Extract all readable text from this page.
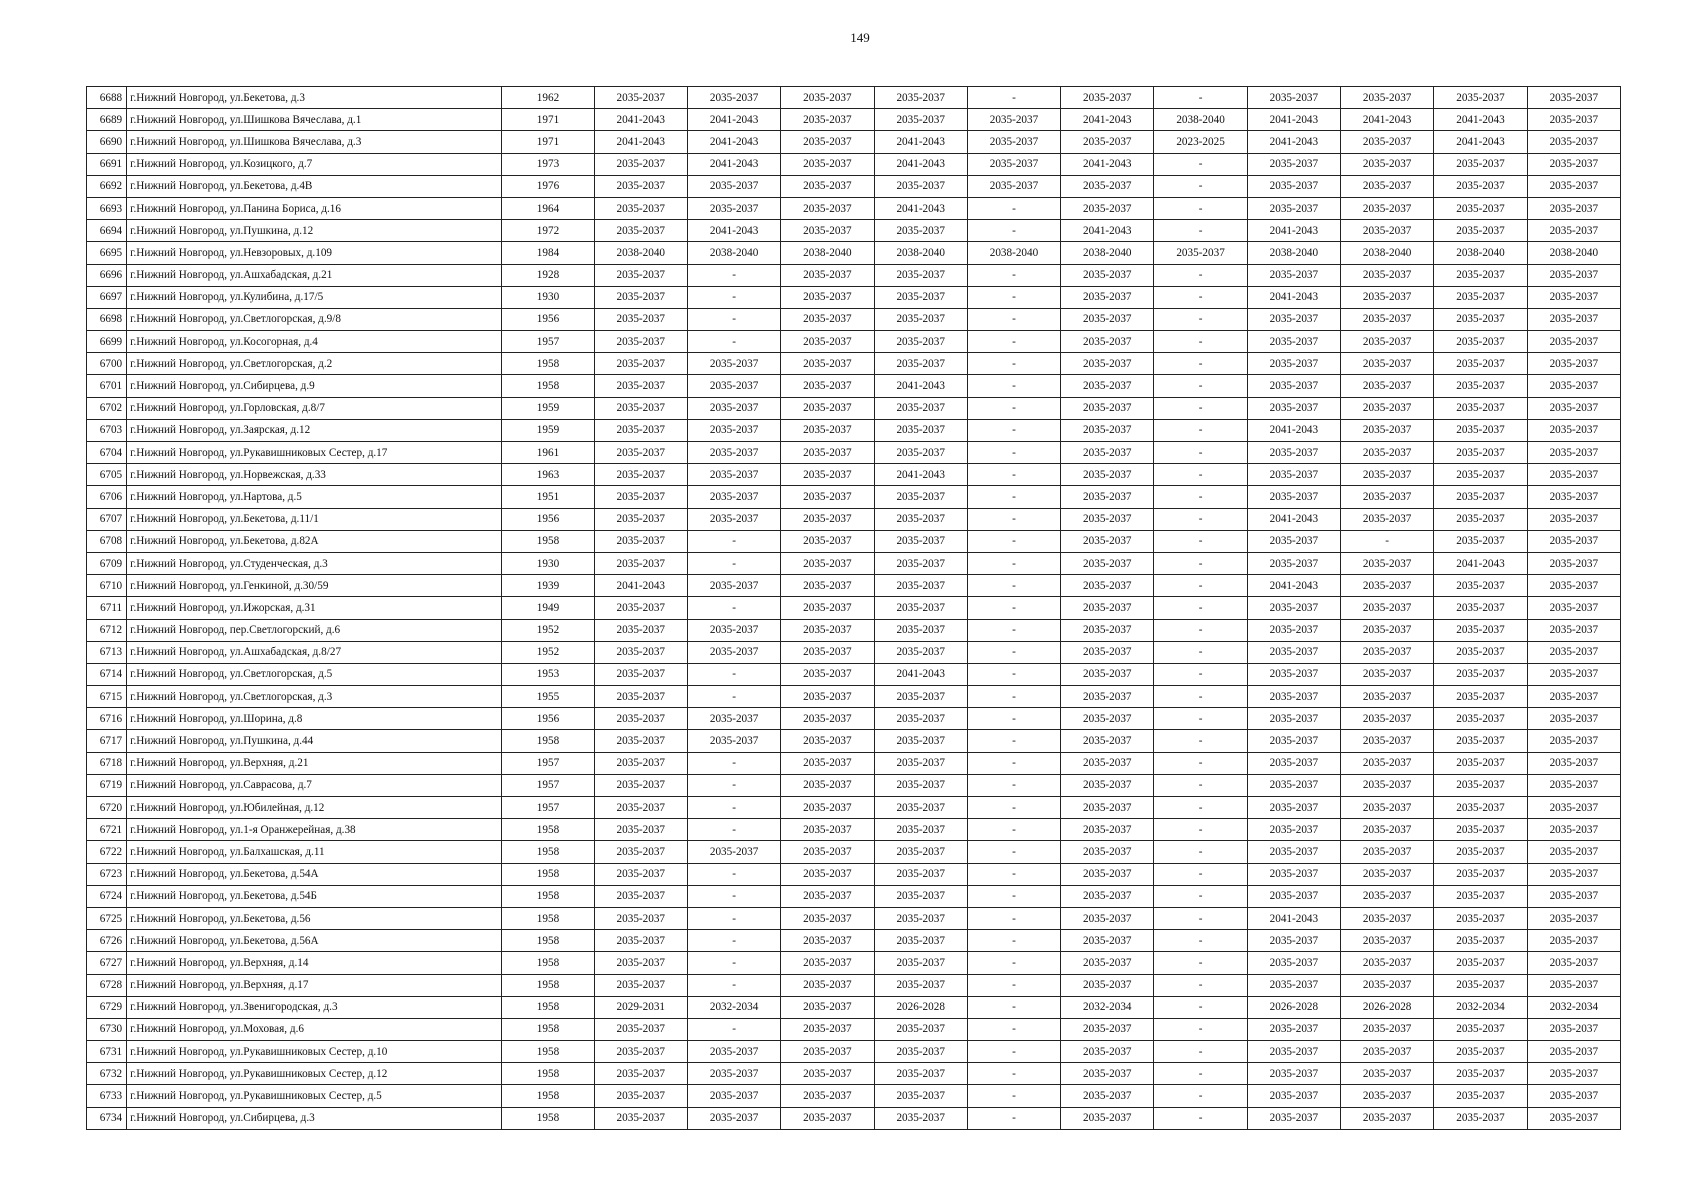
149
6688	г.Нижний Новгород, ул.Бекетова, д.3	1962	2035-2037	2035-2037	2035-2037	2035-2037	-	2035-2037	-	2035-2037	2035-2037	2035-2037	2035-2037
6689	г.Нижний Новгород, ул.Шишкова Вячеслава, д.1	1971	2041-2043	2041-2043	2035-2037	2035-2037	2035-2037	2041-2043	2038-2040	2041-2043	2041-2043	2041-2043	2035-2037
6690	г.Нижний Новгород, ул.Шишкова Вячеслава, д.3	1971	2041-2043	2041-2043	2035-2037	2041-2043	2035-2037	2035-2037	2023-2025	2041-2043	2035-2037	2041-2043	2035-2037
6691	г.Нижний Новгород, ул.Козицкого, д.7	1973	2035-2037	2041-2043	2035-2037	2041-2043	2035-2037	2041-2043	-	2035-2037	2035-2037	2035-2037	2035-2037
6692	г.Нижний Новгород, ул.Бекетова, д.4В	1976	2035-2037	2035-2037	2035-2037	2035-2037	2035-2037	2035-2037	-	2035-2037	2035-2037	2035-2037	2035-2037
6693	г.Нижний Новгород, ул.Панина Бориса, д.16	1964	2035-2037	2035-2037	2035-2037	2041-2043	-	2035-2037	-	2035-2037	2035-2037	2035-2037	2035-2037
6694	г.Нижний Новгород, ул.Пушкина, д.12	1972	2035-2037	2041-2043	2035-2037	2035-2037	-	2041-2043	-	2041-2043	2035-2037	2035-2037	2035-2037
6695	г.Нижний Новгород, ул.Невзоровых, д.109	1984	2038-2040	2038-2040	2038-2040	2038-2040	2038-2040	2038-2040	2035-2037	2038-2040	2038-2040	2038-2040	2038-2040
6696	г.Нижний Новгород, ул.Ашхабадская, д.21	1928	2035-2037	-	2035-2037	2035-2037	-	2035-2037	-	2035-2037	2035-2037	2035-2037	2035-2037
6697	г.Нижний Новгород, ул.Кулибина, д.17/5	1930	2035-2037	-	2035-2037	2035-2037	-	2035-2037	-	2041-2043	2035-2037	2035-2037	2035-2037
6698	г.Нижний Новгород, ул.Светлогорская, д.9/8	1956	2035-2037	-	2035-2037	2035-2037	-	2035-2037	-	2035-2037	2035-2037	2035-2037	2035-2037
6699	г.Нижний Новгород, ул.Косогорная, д.4	1957	2035-2037	-	2035-2037	2035-2037	-	2035-2037	-	2035-2037	2035-2037	2035-2037	2035-2037
6700	г.Нижний Новгород, ул.Светлогорская, д.2	1958	2035-2037	2035-2037	2035-2037	2035-2037	-	2035-2037	-	2035-2037	2035-2037	2035-2037	2035-2037
6701	г.Нижний Новгород, ул.Сибирцева, д.9	1958	2035-2037	2035-2037	2035-2037	2041-2043	-	2035-2037	-	2035-2037	2035-2037	2035-2037	2035-2037
6702	г.Нижний Новгород, ул.Горловская, д.8/7	1959	2035-2037	2035-2037	2035-2037	2035-2037	-	2035-2037	-	2035-2037	2035-2037	2035-2037	2035-2037
6703	г.Нижний Новгород, ул.Заярская, д.12	1959	2035-2037	2035-2037	2035-2037	2035-2037	-	2035-2037	-	2041-2043	2035-2037	2035-2037	2035-2037
6704	г.Нижний Новгород, ул.Рукавишниковых Сестер, д.17	1961	2035-2037	2035-2037	2035-2037	2035-2037	-	2035-2037	-	2035-2037	2035-2037	2035-2037	2035-2037
6705	г.Нижний Новгород, ул.Норвежская, д.33	1963	2035-2037	2035-2037	2035-2037	2041-2043	-	2035-2037	-	2035-2037	2035-2037	2035-2037	2035-2037
6706	г.Нижний Новгород, ул.Нартова, д.5	1951	2035-2037	2035-2037	2035-2037	2035-2037	-	2035-2037	-	2035-2037	2035-2037	2035-2037	2035-2037
6707	г.Нижний Новгород, ул.Бекетова, д.11/1	1956	2035-2037	2035-2037	2035-2037	2035-2037	-	2035-2037	-	2041-2043	2035-2037	2035-2037	2035-2037
6708	г.Нижний Новгород, ул.Бекетова, д.82А	1958	2035-2037	-	2035-2037	2035-2037	-	2035-2037	-	2035-2037	-	2035-2037	2035-2037
6709	г.Нижний Новгород, ул.Студенческая, д.3	1930	2035-2037	-	2035-2037	2035-2037	-	2035-2037	-	2035-2037	2035-2037	2041-2043	2035-2037
6710	г.Нижний Новгород, ул.Генкиной, д.30/59	1939	2041-2043	2035-2037	2035-2037	2035-2037	-	2035-2037	-	2041-2043	2035-2037	2035-2037	2035-2037
6711	г.Нижний Новгород, ул.Ижорская, д.31	1949	2035-2037	-	2035-2037	2035-2037	-	2035-2037	-	2035-2037	2035-2037	2035-2037	2035-2037
6712	г.Нижний Новгород, пер.Светлогорский, д.6	1952	2035-2037	2035-2037	2035-2037	2035-2037	-	2035-2037	-	2035-2037	2035-2037	2035-2037	2035-2037
6713	г.Нижний Новгород, ул.Ашхабадская, д.8/27	1952	2035-2037	2035-2037	2035-2037	2035-2037	-	2035-2037	-	2035-2037	2035-2037	2035-2037	2035-2037
6714	г.Нижний Новгород, ул.Светлогорская, д.5	1953	2035-2037	-	2035-2037	2041-2043	-	2035-2037	-	2035-2037	2035-2037	2035-2037	2035-2037
6715	г.Нижний Новгород, ул.Светлогорская, д.3	1955	2035-2037	-	2035-2037	2035-2037	-	2035-2037	-	2035-2037	2035-2037	2035-2037	2035-2037
6716	г.Нижний Новгород, ул.Шорина, д.8	1956	2035-2037	2035-2037	2035-2037	2035-2037	-	2035-2037	-	2035-2037	2035-2037	2035-2037	2035-2037
6717	г.Нижний Новгород, ул.Пушкина, д.44	1958	2035-2037	2035-2037	2035-2037	2035-2037	-	2035-2037	-	2035-2037	2035-2037	2035-2037	2035-2037
6718	г.Нижний Новгород, ул.Верхняя, д.21	1957	2035-2037	-	2035-2037	2035-2037	-	2035-2037	-	2035-2037	2035-2037	2035-2037	2035-2037
6719	г.Нижний Новгород, ул.Саврасова, д.7	1957	2035-2037	-	2035-2037	2035-2037	-	2035-2037	-	2035-2037	2035-2037	2035-2037	2035-2037
6720	г.Нижний Новгород, ул.Юбилейная, д.12	1957	2035-2037	-	2035-2037	2035-2037	-	2035-2037	-	2035-2037	2035-2037	2035-2037	2035-2037
6721	г.Нижний Новгород, ул.1-я Оранжерейная, д.38	1958	2035-2037	-	2035-2037	2035-2037	-	2035-2037	-	2035-2037	2035-2037	2035-2037	2035-2037
6722	г.Нижний Новгород, ул.Балхашская, д.11	1958	2035-2037	2035-2037	2035-2037	2035-2037	-	2035-2037	-	2035-2037	2035-2037	2035-2037	2035-2037
6723	г.Нижний Новгород, ул.Бекетова, д.54А	1958	2035-2037	-	2035-2037	2035-2037	-	2035-2037	-	2035-2037	2035-2037	2035-2037	2035-2037
6724	г.Нижний Новгород, ул.Бекетова, д.54Б	1958	2035-2037	-	2035-2037	2035-2037	-	2035-2037	-	2035-2037	2035-2037	2035-2037	2035-2037
6725	г.Нижний Новгород, ул.Бекетова, д.56	1958	2035-2037	-	2035-2037	2035-2037	-	2035-2037	-	2041-2043	2035-2037	2035-2037	2035-2037
6726	г.Нижний Новгород, ул.Бекетова, д.56А	1958	2035-2037	-	2035-2037	2035-2037	-	2035-2037	-	2035-2037	2035-2037	2035-2037	2035-2037
6727	г.Нижний Новгород, ул.Верхняя, д.14	1958	2035-2037	-	2035-2037	2035-2037	-	2035-2037	-	2035-2037	2035-2037	2035-2037	2035-2037
6728	г.Нижний Новгород, ул.Верхняя, д.17	1958	2035-2037	-	2035-2037	2035-2037	-	2035-2037	-	2035-2037	2035-2037	2035-2037	2035-2037
6729	г.Нижний Новгород, ул.Звенигородская, д.3	1958	2029-2031	2032-2034	2035-2037	2026-2028	-	2032-2034	-	2026-2028	2026-2028	2032-2034	2032-2034
6730	г.Нижний Новгород, ул.Моховая, д.6	1958	2035-2037	-	2035-2037	2035-2037	-	2035-2037	-	2035-2037	2035-2037	2035-2037	2035-2037
6731	г.Нижний Новгород, ул.Рукавишниковых Сестер, д.10	1958	2035-2037	2035-2037	2035-2037	2035-2037	-	2035-2037	-	2035-2037	2035-2037	2035-2037	2035-2037
6732	г.Нижний Новгород, ул.Рукавишниковых Сестер, д.12	1958	2035-2037	2035-2037	2035-2037	2035-2037	-	2035-2037	-	2035-2037	2035-2037	2035-2037	2035-2037
6733	г.Нижний Новгород, ул.Рукавишниковых Сестер, д.5	1958	2035-2037	2035-2037	2035-2037	2035-2037	-	2035-2037	-	2035-2037	2035-2037	2035-2037	2035-2037
6734	г.Нижний Новгород, ул.Сибирцева, д.3	1958	2035-2037	2035-2037	2035-2037	2035-2037	-	2035-2037	-	2035-2037	2035-2037	2035-2037	2035-2037
